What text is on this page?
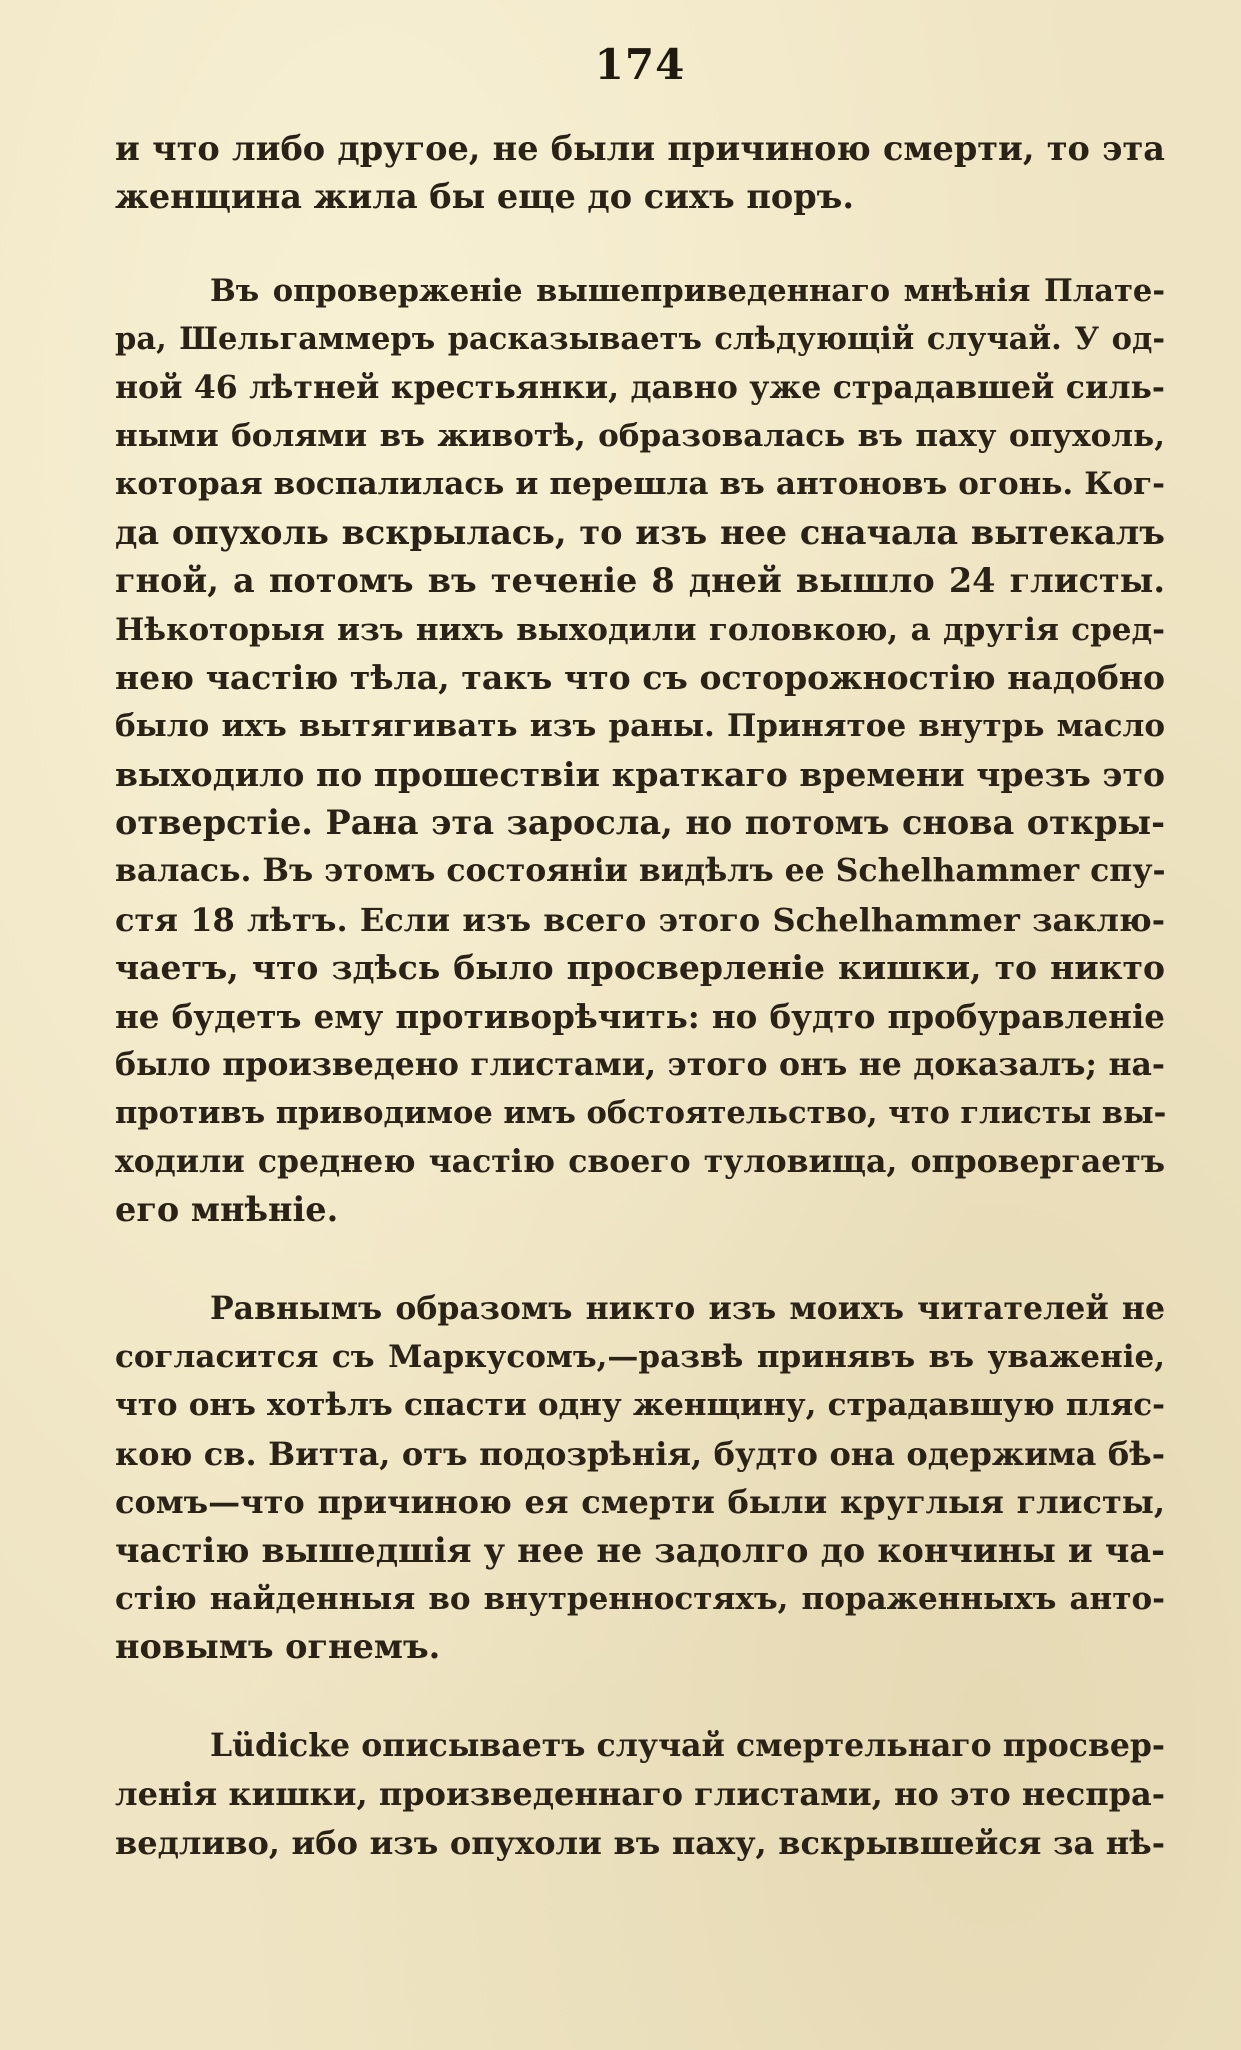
174

и что либо другое, не были причиною смерти, то эта
женщина жила бы еще до сихъ поръ.

Въ опроверженіе вышеприведеннаго мнѣнія Плате-
ра, Шельгаммеръ расказываетъ слѣдующій случай. У од-
ной 46 лѣтней крестьянки, давно уже страдавшей силь-
ными болями въ животѣ, образовалась въ паху опухоль,
которая воспалилась и перешла въ антоновъ огонь. Ког-
да опухоль вскрылась, то изъ нее сначала вытекалъ
гной, а потомъ въ теченіе 8 дней вышло 24 глисты.
Нѣкоторыя изъ нихъ выходили головкою, а другія сред-
нею частію тѣла, такъ что съ осторожностію надобно
было ихъ вытягивать изъ раны. Принятое внутрь масло
выходило по прошествіи краткаго времени чрезъ это
отверстіе. Рана эта заросла, но потомъ снова откры-
валась. Въ этомъ состояніи видѣлъ ее Schelhammer спу-
стя 18 лѣтъ. Если изъ всего этого Schelhammer заклю-
чаетъ, что здѣсь было просверленіе кишки, то никто
не будетъ ему противорѣчить: но будто пробуравленіе
было произведено глистами, этого онъ не доказалъ; на-
противъ приводимое имъ обстоятельство, что глисты вы-
ходили среднею частію своего туловища, опровергаетъ
его мнѣніе.

Равнымъ образомъ никто изъ моихъ читателей не
согласится съ Маркусомъ,—развѣ принявъ въ уваженіе,
что онъ хотѣлъ спасти одну женщину, страдавшую пляс-
кою св. Витта, отъ подозрѣнія, будто она одержима бѣ-
сомъ—что причиною ея смерти были круглыя глисты,
частію вышедшія у нее не задолго до кончины и ча-
стію найденныя во внутренностяхъ, пораженныхъ анто-
новымъ огнемъ.

Lüdicke описываетъ случай смертельнаго просвер-
ленія кишки, произведеннаго глистами, но это неспра-
ведливо, ибо изъ опухоли въ паху, вскрывшейся за нѣ-
